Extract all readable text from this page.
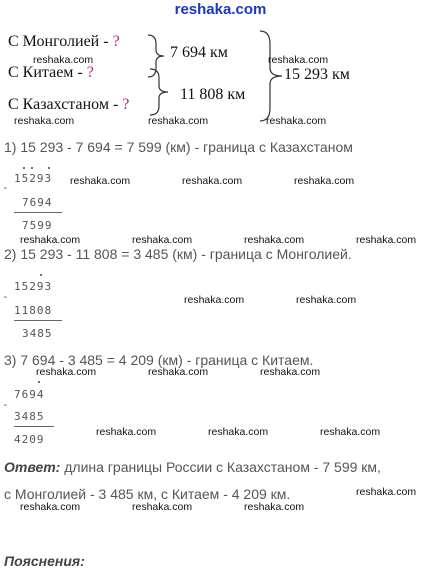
reshaka.com
С Монголией - ?
С Китаем - ?
С Казахстаном - ?
7 694 км
11 808 км
15 293 км
reshaka.com	reshaka.com
reshaka.com	reshaka.com	reshaka.com
1) 15 293 - 7 694 = 7 599 (км) - граница с Казахстаном
-
15293
7694
7599
reshaka.com	reshaka.com	reshaka.com
reshaka.com	reshaka.com	reshaka.com	reshaka.com
2) 15 293 - 11 808 = 3 485 (км) - граница с Монголией.
-
15293
11808
3485
reshaka.com	reshaka.com
3) 7 694 - 3 485 = 4 209 (км) - граница с Китаем.
reshaka.com	reshaka.com	reshaka.com
-
7694
3485
4209
reshaka.com	reshaka.com	reshaka.com
Ответ: длина границы России с Казахстаном - 7 599 км,
с Монголией - 3 485 км, с Китаем - 4 209 км.	reshaka.com
reshaka.com	reshaka.com	reshaka.com
Пояснения:
